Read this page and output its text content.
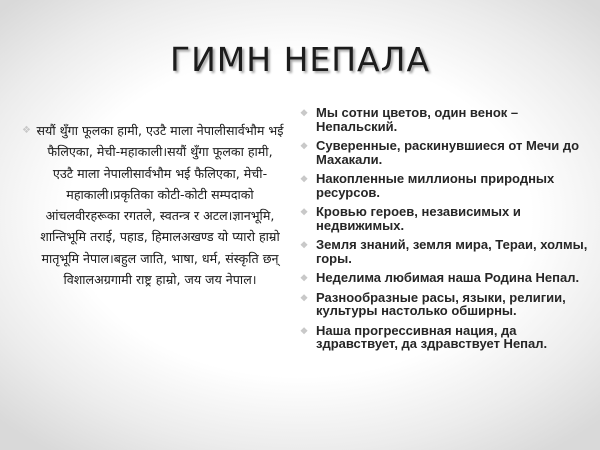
ГИМН НЕПАЛА
❖ सयौं थुँगा फूलका हामी, एउटै माला नेपालीसार्वभौम भई फैलिएका, मेची-महाकाली।सयौं थुँगा फूलका हामी, एउटै माला नेपालीसार्वभौम भई फैलिएका, मेची-महाकाली।प्रकृतिका कोटी-कोटी सम्पदाको आंचलवीरहरूका रगतले, स्वतन्त्र र अटल।ज्ञानभूमि, शान्तिभूमि तराई, पहाड, हिमालअखण्ड यो प्यारो हाम्रो मातृभूमि नेपाल।बहुल जाति, भाषा, धर्म, संस्कृति छन् विशालअग्रगामी राष्ट्र हाम्रो, जय जय नेपाल।
❖ Мы сотни цветов, один венок – Непальский.
❖ Суверенные, раскинувшиеся от Мечи до Махакали.
❖ Накопленные миллионы природных ресурсов.
❖ Кровью героев, независимых и недвижимых.
❖ Земля знаний, земля мира, Тераи, холмы, горы.
❖ Неделима любимая наша Родина Непал.
❖ Разнообразные расы, языки, религии, культуры настолько обширны.
❖ Наша прогрессивная нация, да здравствует, да здравствует Непал.
